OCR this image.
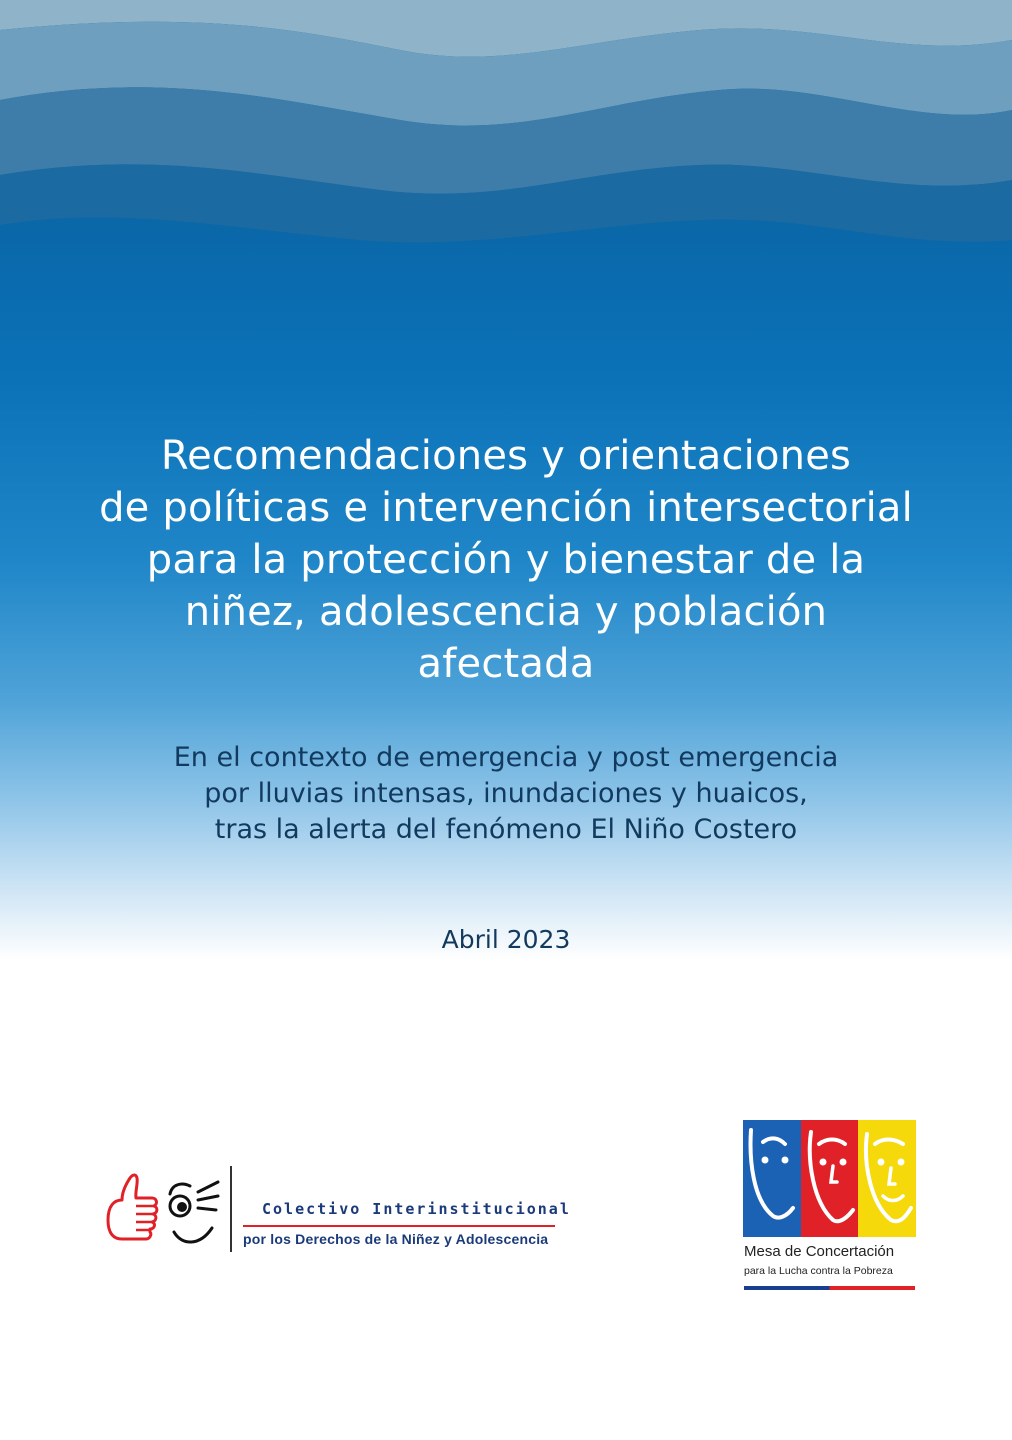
Recomendaciones y orientaciones
de políticas e intervención intersectorial
para la protección y bienestar de la
niñez, adolescencia y población
afectada
En el contexto de emergencia y post emergencia
por lluvias intensas, inundaciones y huaicos,
tras la alerta del fenómeno El Niño Costero
Abril 2023
Colectivo Interinstitucional
por los Derechos de la Niñez y Adolescencia
Mesa de Concertación
para la Lucha contra la Pobreza
